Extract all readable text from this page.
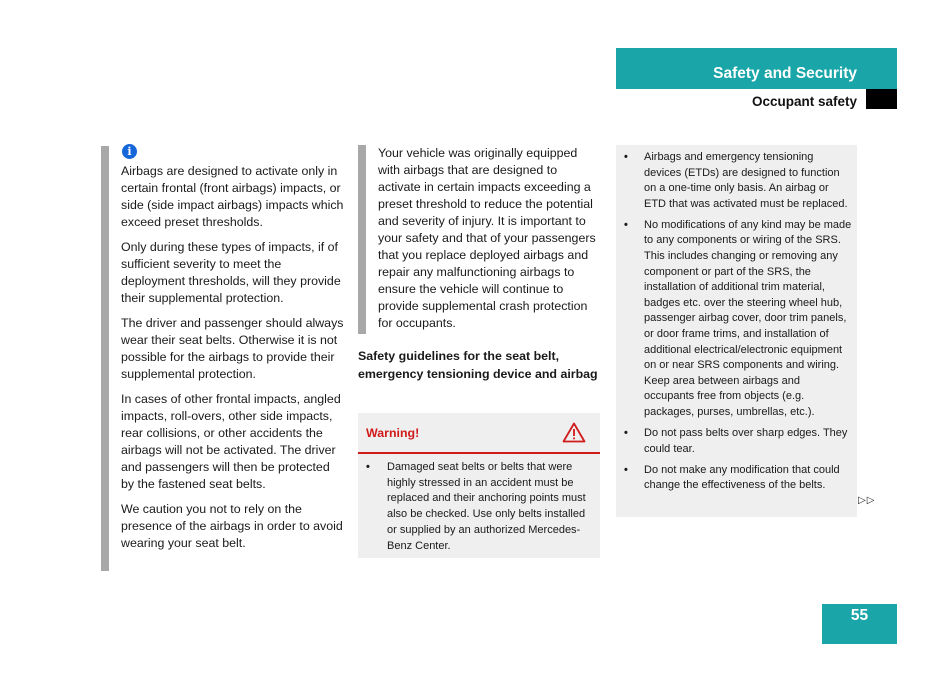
Safety and Security
Occupant safety
i

Airbags are designed to activate only in certain frontal (front airbags) impacts, or side (side impact airbags) impacts which exceed preset thresholds.

Only during these types of impacts, if of sufficient severity to meet the deployment thresholds, will they provide their supplemental protection.

The driver and passenger should always wear their seat belts. Otherwise it is not possible for the airbags to provide their supplemental protection.

In cases of other frontal impacts, angled impacts, roll-overs, other side impacts, rear collisions, or other accidents the airbags will not be activated. The driver and passengers will then be protected by the fastened seat belts.

We caution you not to rely on the presence of the airbags in order to avoid wearing your seat belt.

Your vehicle was originally equipped with airbags that are designed to activate in certain impacts exceeding a preset threshold to reduce the potential and severity of injury. It is important to your safety and that of your passengers that you replace deployed airbags and repair any malfunctioning airbags to ensure the vehicle will continue to provide supplemental crash protection for occupants.

Safety guidelines for the seat belt, emergency tensioning device and airbag
Warning!
• Damaged seat belts or belts that were highly stressed in an accident must be replaced and their anchoring points must also be checked. Use only belts installed or supplied by an authorized Mercedes-Benz Center.
• Airbags and emergency tensioning devices (ETDs) are designed to function on a one-time only basis. An airbag or ETD that was activated must be replaced.
• No modifications of any kind may be made to any components or wiring of the SRS. This includes changing or removing any component or part of the SRS, the installation of additional trim material, badges etc. over the steering wheel hub, passenger airbag cover, door trim panels, or door frame trims, and installation of additional electrical/electronic equipment on or near SRS components and wiring. Keep area between airbags and occupants free from objects (e.g. packages, purses, umbrellas, etc.).
• Do not pass belts over sharp edges. They could tear.
• Do not make any modification that could change the effectiveness of the belts.
▷▷
55
